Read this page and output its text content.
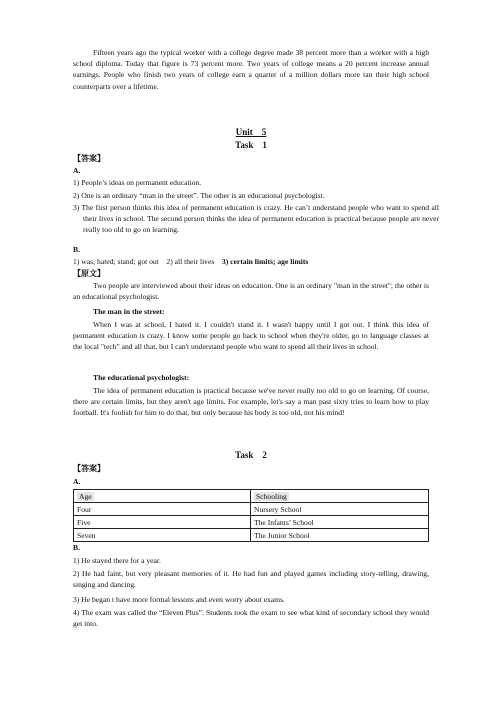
Fifteen years ago the typical worker with a college degree made 38 percent more than a worker with a high school diploma. Today that figure is 73 percent more. Two years of college means a 20 percent increase annual earnings. People who finish two years of college earn a quarter of a million dollars more tan their high school counterparts over a lifetime.

Unit    5

Task    1

【答案】

A.

1) People’s ideas on permanent education.

2) One is an ordinary “man in the street”. The other is an educational psychologist.

3) The first person thinks this idea of permanent education is crazy. He can’t understand people who want to spend all their lives in school. The second person thinks the idea of permanent education is practical because people are never really too old to go on learning.

B.

1) was; hated; stand; got out    2) all their lives    3) certain limits; age limits

【原文】

Two people are interviewed about their ideas on education. One is an ordinary "man in the street"; the other is an educational psychologist.

The man in the street:

When I was at school, I hated it. I couldn't stand it. I wasn't happy until I got out. I think this idea of permanent education is crazy. I know some people go back to school when they're older, go to language classes at the local "tech" and all that, but I can't understand people who want to spend all their lives in school.

The educational psychologist:

The idea of permanent education is practical because we've never really too old to go on learning. Of course, there are certain limits, but they aren't age limits. For example, let's say a man past sixty tries to learn how to play football. It's foolish for him to do that, but only because his body is too old, not his mind!

Task    2

【答案】

A.

Age	Schooling
Four	Nursery School
Five	The Infants’ School
Seven	The Junior School

B.

1) He stayed there for a year.

2) He had faint, but very pleasant memories of it. He had fun and played games including story-telling, drawing, singing and dancing.

3) He began t have more formal lessons and even worry about exams.

4) The exam was called the “Eleven Plus”. Students took the exam to see what kind of secondary school they would get into.
